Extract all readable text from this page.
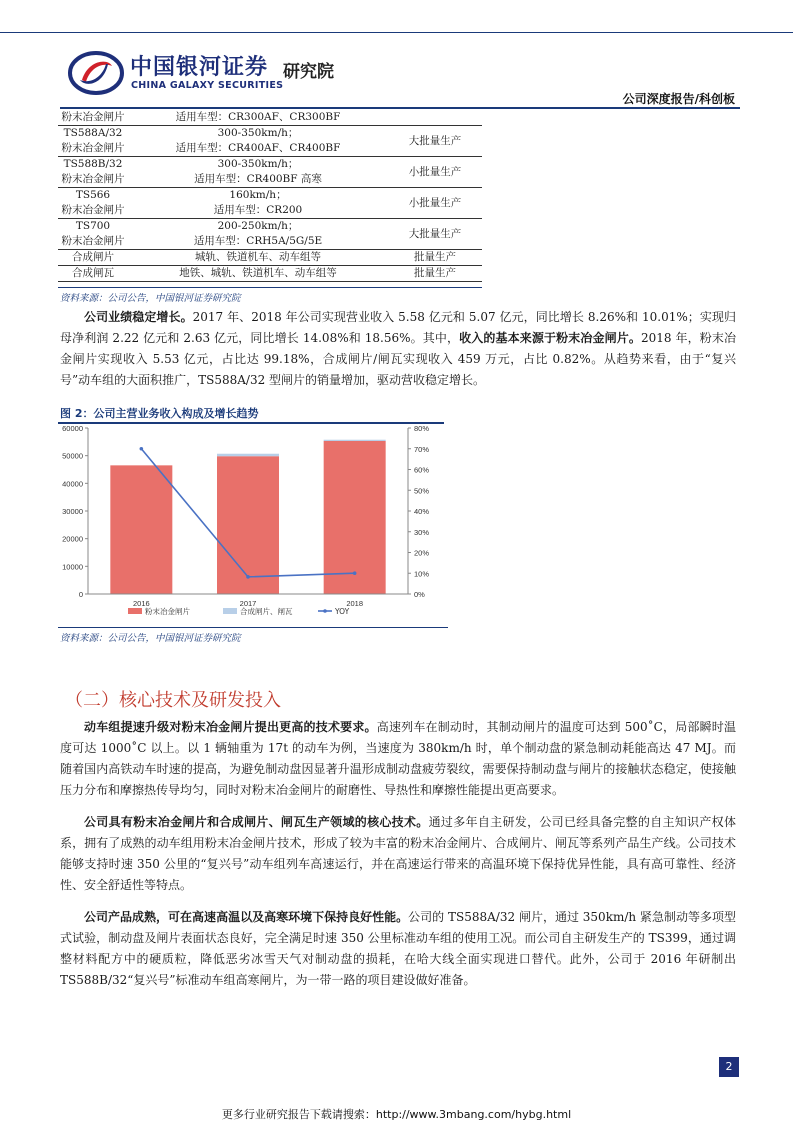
中国银河证券
CHINA GALAXY SECURITIES
研究院
公司深度报告/科创板
粉末冶金闸片	适用车型：CR300AF、CR300BF	
TS588A/32	300-350km/h；	大批量生产
粉末冶金闸片	适用车型：CR400AF、CR400BF	
TS588B/32	300-350km/h；	小批量生产
粉末冶金闸片	适用车型：CR400BF 高寒	
TS566	160km/h；	小批量生产
粉末冶金闸片	适用车型：CR200	
TS700	200-250km/h；	大批量生产
粉末冶金闸片	适用车型：CRH5A/5G/5E	
合成闸片	城轨、铁道机车、动车组等	批量生产
合成闸瓦	地铁、城轨、铁道机车、动车组等	批量生产
资料来源：公司公告，中国银河证券研究院

公司业绩稳定增长。2017 年、2018 年公司实现营业收入 5.58 亿元和 5.07 亿元，同比增长 8.26%和 10.01%；实现归母净利润 2.22 亿元和 2.63 亿元，同比增长 14.08%和 18.56%。其中，收入的基本来源于粉末冶金闸片。2018 年，粉末冶金闸片实现收入 5.53 亿元，占比达 99.18%，合成闸片/闸瓦实现收入 459 万元，占比 0.82%。从趋势来看，由于“复兴号”动车组的大面积推广，TS588A/32 型闸片的销量增加，驱动营收稳定增长。

图 2：公司主营业务收入构成及增长趋势
0
10000
20000
30000
40000
50000
60000
0%
10%
20%
30%
40%
50%
60%
70%
80%
2016	2017	2018
粉末冶金闸片	合成闸片、闸瓦	YOY
资料来源：公司公告，中国银河证券研究院
（二）核心技术及研发投入

动车组提速升级对粉末冶金闸片提出更高的技术要求。高速列车在制动时，其制动闸片的温度可达到 500˚C，局部瞬时温度可达 1000˚C 以上。以 1 辆轴重为 17t 的动车为例，当速度为 380km/h 时，单个制动盘的紧急制动耗能高达 47 MJ。而随着国内高铁动车时速的提高，为避免制动盘因显著升温形成制动盘疲劳裂纹，需要保持制动盘与闸片的接触状态稳定，使接触压力分布和摩擦热传导均匀，同时对粉末冶金闸片的耐磨性、导热性和摩擦性能提出更高要求。

公司具有粉末冶金闸片和合成闸片、闸瓦生产领域的核心技术。通过多年自主研发，公司已经具备完整的自主知识产权体系，拥有了成熟的动车组用粉末冶金闸片技术，形成了较为丰富的粉末冶金闸片、合成闸片、闸瓦等系列产品生产线。公司技术能够支持时速 350 公里的“复兴号”动车组列车高速运行，并在高速运行带来的高温环境下保持优异性能，具有高可靠性、经济性、安全舒适性等特点。

公司产品成熟，可在高速高温以及高寒环境下保持良好性能。公司的 TS588A/32 闸片，通过 350km/h 紧急制动等多项型式试验，制动盘及闸片表面状态良好，完全满足时速 350 公里标准动车组的使用工况。而公司自主研发生产的 TS399，通过调整材料配方中的硬质粒，降低恶劣冰雪天气对制动盘的损耗，在哈大线全面实现进口替代。此外，公司于 2016 年研制出 TS588B/32“复兴号”标准动车组高寒闸片，为一带一路的项目建设做好准备。

2
更多行业研究报告下载请搜索：http://www.3mbang.com/hybg.html
